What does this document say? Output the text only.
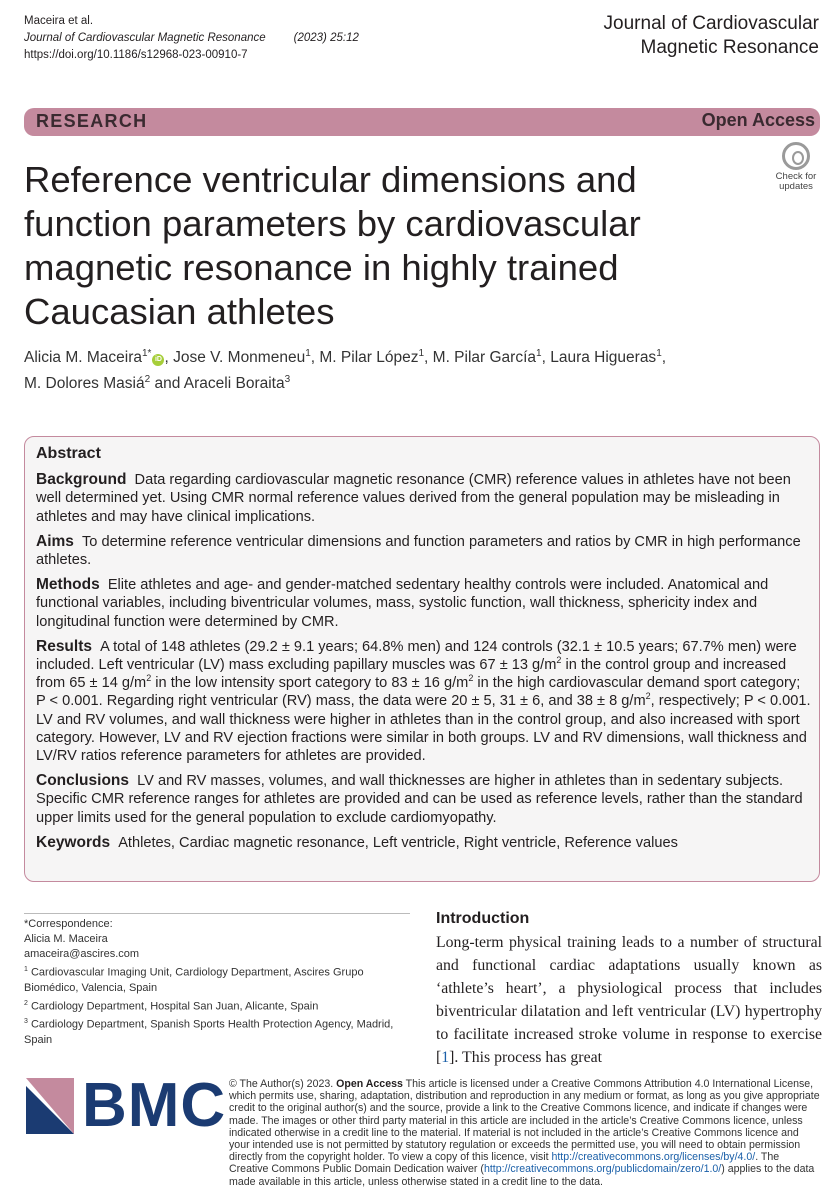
Maceira et al.
Journal of Cardiovascular Magnetic Resonance (2023) 25:12
https://doi.org/10.1186/s12968-023-00910-7
Journal of Cardiovascular
Magnetic Resonance
RESEARCH	Open Access
Check for
updates
Reference ventricular dimensions and function parameters by cardiovascular magnetic resonance in highly trained Caucasian athletes
Alicia M. Maceira$^{1*}$iD , Jose V. Monmeneu$^1$, M. Pilar López$^1$, M. Pilar García$^1$, Laura Higueras$^1$,
M. Dolores Masiá$^2$ and Araceli Boraita$^3$
Abstract

Background Data regarding cardiovascular magnetic resonance (CMR) reference values in athletes have not been well determined yet. Using CMR normal reference values derived from the general population may be misleading in athletes and may have clinical implications.

Aims To determine reference ventricular dimensions and function parameters and ratios by CMR in high performance athletes.

Methods Elite athletes and age- and gender-matched sedentary healthy controls were included. Anatomical and functional variables, including biventricular volumes, mass, systolic function, wall thickness, sphericity index and longitudinal function were determined by CMR.

Results A total of 148 athletes (29.2 ± 9.1 years; 64.8% men) and 124 controls (32.1 ± 10.5 years; 67.7% men) were included. Left ventricular (LV) mass excluding papillary muscles was 67 ± 13 $g/m^2$ in the control group and increased from 65 ± 14 $g/m^2$ in the low intensity sport category to 83 ± 16 $g/m^2$ in the high cardiovascular demand sport category; P < 0.001. Regarding right ventricular (RV) mass, the data were 20 ± 5, 31 ± 6, and 38 ± 8 $g/m^2$, respectively; P < 0.001. LV and RV volumes, and wall thickness were higher in athletes than in the control group, and also increased with sport category. However, LV and RV ejection fractions were similar in both groups. LV and RV dimensions, wall thickness and LV/RV ratios reference parameters for athletes are provided.

Conclusions LV and RV masses, volumes, and wall thicknesses are higher in athletes than in sedentary subjects. Specific CMR reference ranges for athletes are provided and can be used as reference levels, rather than the standard upper limits used for the general population to exclude cardiomyopathy.

Keywords Athletes, Cardiac magnetic resonance, Left ventricle, Right ventricle, Reference values

*Correspondence:
Alicia M. Maceira
amaceira@ascires.com
$^1$ Cardiovascular Imaging Unit, Cardiology Department, Ascires Grupo Biomédico, Valencia, Spain
$^2$ Cardiology Department, Hospital San Juan, Alicante, Spain
$^3$ Cardiology Department, Spanish Sports Health Protection Agency, Madrid, Spain
Introduction
Long-term physical training leads to a number of structural and functional cardiac adaptations usually known as ‘athlete’s heart’, a physiological process that includes biventricular dilatation and left ventricular (LV) hypertrophy to facilitate increased stroke volume in response to exercise [1]. This process has great
BMC © The Author(s) 2023. Open Access This article is licensed under a Creative Commons Attribution 4.0 International License, which permits use, sharing, adaptation, distribution and reproduction in any medium or format, as long as you give appropriate credit to the original author(s) and the source, provide a link to the Creative Commons licence, and indicate if changes were made. The images or other third party material in this article are included in the article’s Creative Commons licence, unless indicated otherwise in a credit line to the material. If material is not included in the article’s Creative Commons licence and your intended use is not permitted by statutory regulation or exceeds the permitted use, you will need to obtain permission directly from the copyright holder. To view a copy of this licence, visit http://creativecommons.org/licenses/by/4.0/. The Creative Commons Public Domain Dedication waiver (http://creativecommons.org/publicdomain/zero/1.0/) applies to the data made available in this article, unless otherwise stated in a credit line to the data.
